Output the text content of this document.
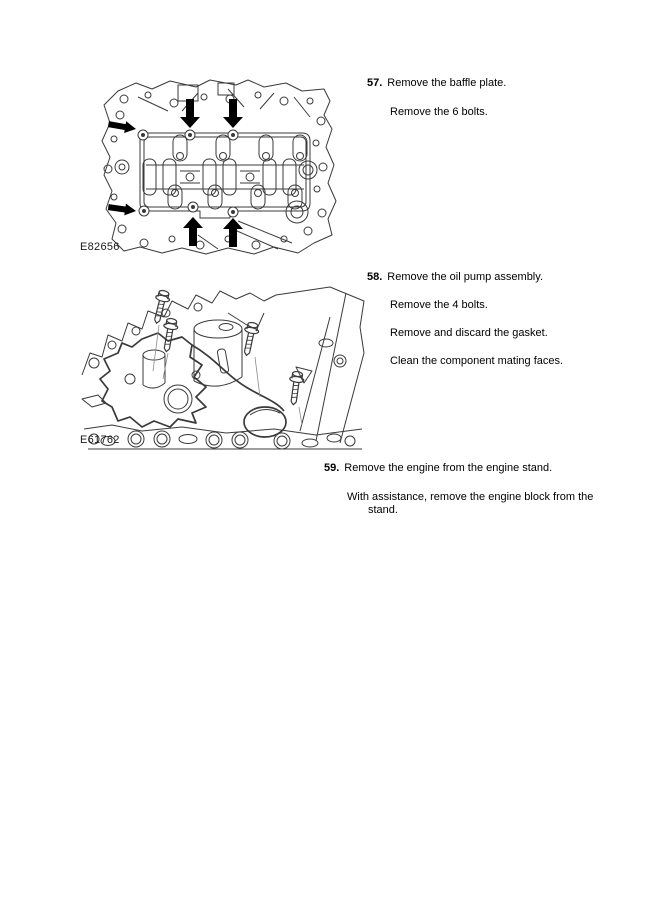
E82656

57. Remove the baffle plate.

Remove the 6 bolts.

E61762

58. Remove the oil pump assembly.

Remove the 4 bolts.

Remove and discard the gasket.

Clean the component mating faces.

59. Remove the engine from the engine stand.

With assistance, remove the engine block from the stand.
